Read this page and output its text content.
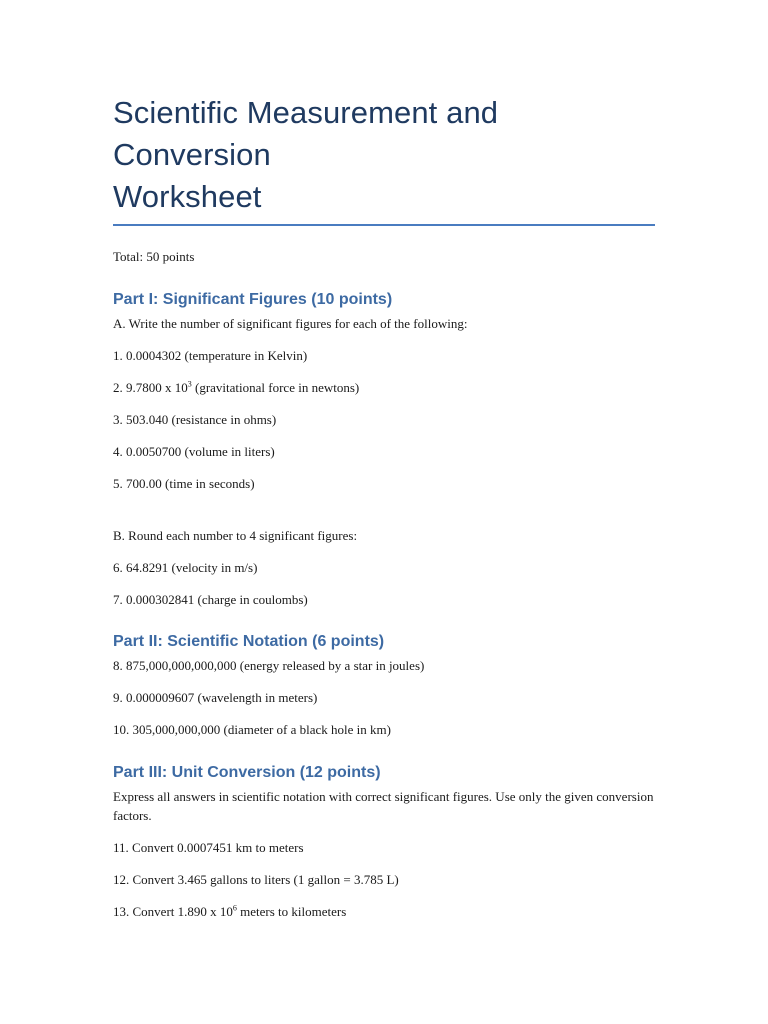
Scientific Measurement and Conversion
Worksheet

Total: 50 points

Part I: Significant Figures (10 points)

A. Write the number of significant figures for each of the following:

1. 0.0004302 (temperature in Kelvin)

2. 9.7800 x $10^3$ (gravitational force in newtons)

3. 503.040 (resistance in ohms)

4. 0.0050700 (volume in liters)

5. 700.00 (time in seconds)

B. Round each number to 4 significant figures:

6. 64.8291 (velocity in m/s)

7. 0.000302841 (charge in coulombs)

Part II: Scientific Notation (6 points)

8. 875,000,000,000,000 (energy released by a star in joules)

9. 0.000009607 (wavelength in meters)

10. 305,000,000,000 (diameter of a black hole in km)

Part III: Unit Conversion (12 points)

Express all answers in scientific notation with correct significant figures. Use only the given conversion factors.

11. Convert 0.0007451 km to meters

12. Convert 3.465 gallons to liters (1 gallon = 3.785 L)

13. Convert 1.890 x $10^6$ meters to kilometers
